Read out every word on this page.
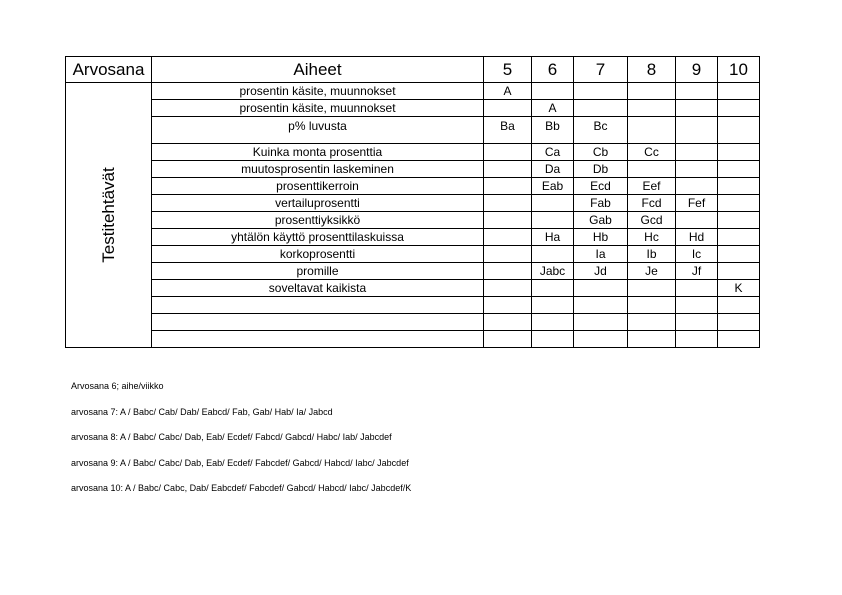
Arvosana	Aiheet	5	6	7	8	9	10

Testitehtävät	prosentin käsite, muunnokset	A					
	prosentin käsite, muunnokset		A				
	p% luvusta	Ba	Bb	Bc			
	Kuinka monta prosenttia		Ca	Cb	Cc		
	muutosprosentin laskeminen		Da	Db			
	prosenttikerroin		Eab	Ecd	Eef		
	vertailuprosentti			Fab	Fcd	Fef	
	prosenttiyksikkö			Gab	Gcd		
	yhtälön käyttö prosenttilaskuissa		Ha	Hb	Hc	Hd	
	korkoprosentti			Ia	Ib	Ic	
	promille		Jabc	Jd	Je	Jf	
	soveltavat kaikista						K

Arvosana 6; aihe/viikko

arvosana 7: A / Babc/ Cab/ Dab/ Eabcd/ Fab, Gab/ Hab/ Ia/ Jabcd

arvosana 8: A / Babc/ Cabc/ Dab, Eab/ Ecdef/ Fabcd/ Gabcd/ Habc/ Iab/ Jabcdef

arvosana 9: A / Babc/ Cabc/ Dab, Eab/ Ecdef/ Fabcdef/ Gabcd/ Habcd/ Iabc/ Jabcdef

arvosana 10: A / Babc/ Cabc, Dab/ Eabcdef/ Fabcdef/ Gabcd/ Habcd/ Iabc/ Jabcdef/K
